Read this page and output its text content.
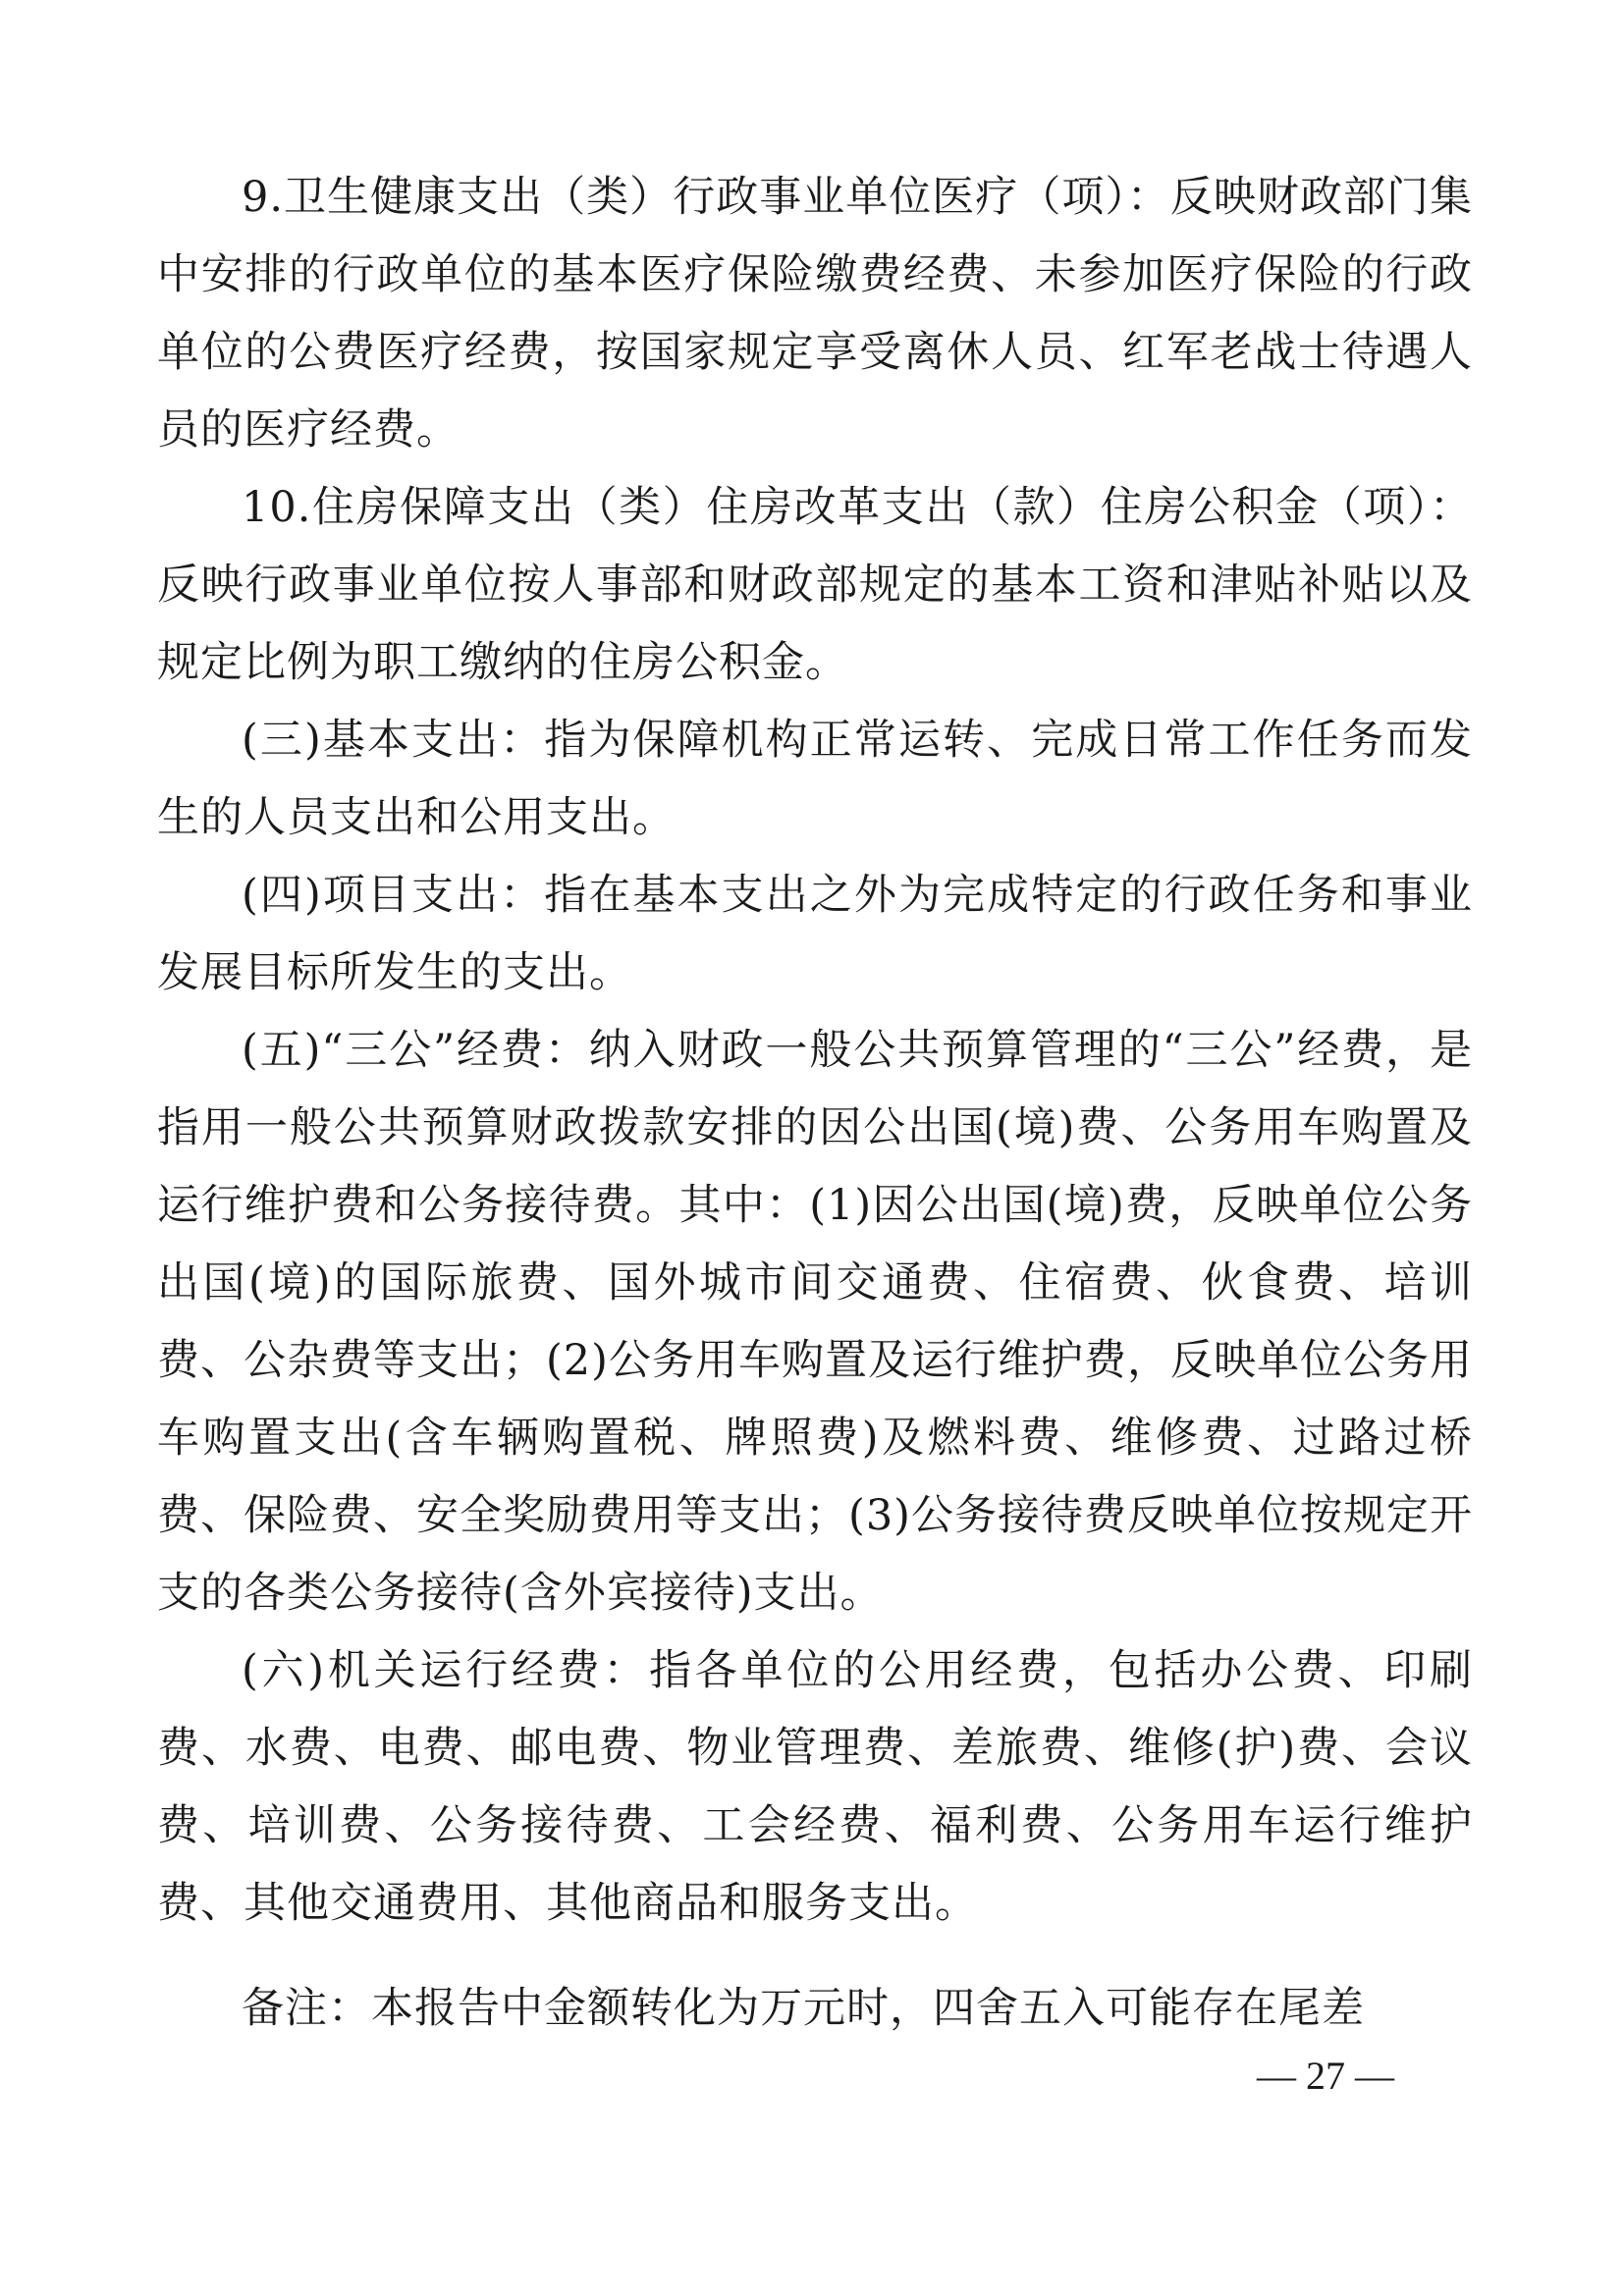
9.卫生健康支出（类）行政事业单位医疗（项）：反映财政部门集中安排的行政单位的基本医疗保险缴费经费、未参加医疗保险的行政单位的公费医疗经费，按国家规定享受离休人员、红军老战士待遇人员的医疗经费。

10.住房保障支出（类）住房改革支出（款）住房公积金（项）：反映行政事业单位按人事部和财政部规定的基本工资和津贴补贴以及规定比例为职工缴纳的住房公积金。

(三)基本支出：指为保障机构正常运转、完成日常工作任务而发生的人员支出和公用支出。

(四)项目支出：指在基本支出之外为完成特定的行政任务和事业发展目标所发生的支出。

(五)“三公”经费：纳入财政一般公共预算管理的“三公”经费，是指用一般公共预算财政拨款安排的因公出国(境)费、公务用车购置及运行维护费和公务接待费。其中：(1)因公出国(境)费，反映单位公务出国(境)的国际旅费、国外城市间交通费、住宿费、伙食费、培训费、公杂费等支出；(2)公务用车购置及运行维护费，反映单位公务用车购置支出(含车辆购置税、牌照费)及燃料费、维修费、过路过桥费、保险费、安全奖励费用等支出；(3)公务接待费反映单位按规定开支的各类公务接待(含外宾接待)支出。

(六)机关运行经费：指各单位的公用经费，包括办公费、印刷费、水费、电费、邮电费、物业管理费、差旅费、维修(护)费、会议费、培训费、公务接待费、工会经费、福利费、公务用车运行维护费、其他交通费用、其他商品和服务支出。

备注：本报告中金额转化为万元时，四舍五入可能存在尾差

— 27 —
